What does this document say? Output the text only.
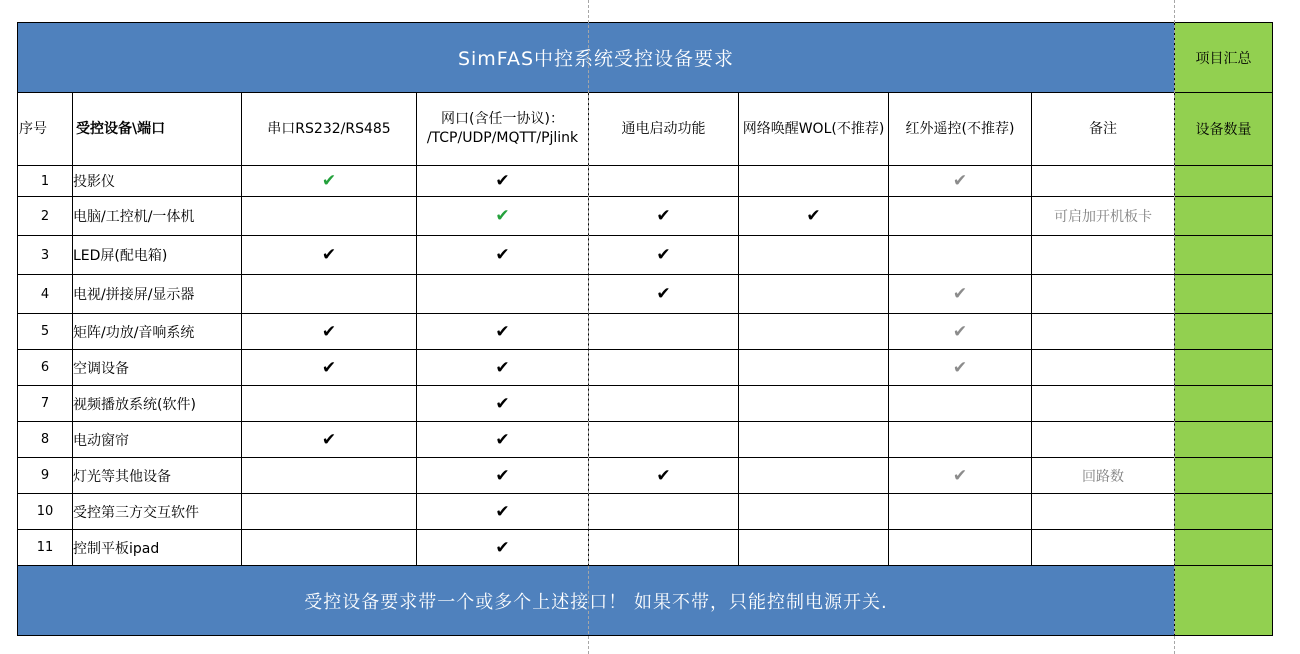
SimFAS中控系统受控设备要求								项目汇总
序号	受控设备\端口	串口RS232/RS485	网口(含任一协议)：
/TCP/UDP/MQTT/Pjlink	通电启动功能	网络唤醒WOL(不推荐)	红外遥控(不推荐)	备注	设备数量
1	投影仪	✔	✔			✔		
2	电脑/工控机/一体机		✔	✔	✔		可启加开机板卡	
3	LED屏(配电箱)	✔	✔	✔				
4	电视/拼接屏/显示器			✔		✔		
5	矩阵/功放/音响系统	✔	✔			✔		
6	空调设备	✔	✔			✔		
7	视频播放系统(软件)		✔					
8	电动窗帘	✔	✔					
9	灯光等其他设备		✔	✔		✔	回路数	
10	受控第三方交互软件		✔					
11	控制平板ipad		✔					
受控设备要求带一个或多个上述接口！ 如果不带，只能控制电源开关.								
